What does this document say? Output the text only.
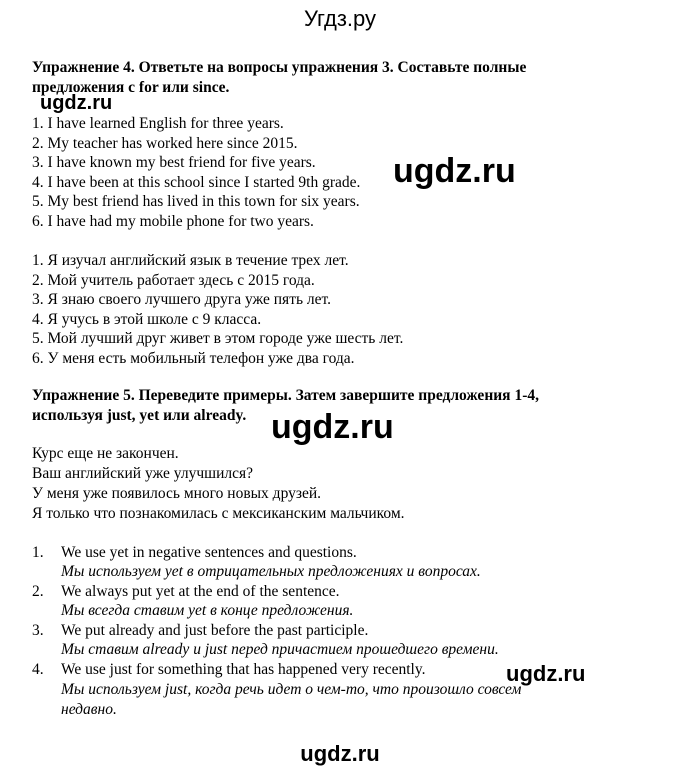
Угдз.ру
Упражнение 4. Ответьте на вопросы упражнения 3. Составьте полные
предложения с for или since.
ugdz.ru
1. I have learned English for three years.
2. My teacher has worked here since 2015.
3. I have known my best friend for five years.
4. I have been at this school since I started 9th grade.
5. My best friend has lived in this town for six years.
6. I have had my mobile phone for two years.
ugdz.ru
1. Я изучал английский язык в течение трех лет.
2. Мой учитель работает здесь с 2015 года.
3. Я знаю своего лучшего друга уже пять лет.
4. Я учусь в этой школе с 9 класса.
5. Мой лучший друг живет в этом городе уже шесть лет.
6. У меня есть мобильный телефон уже два года.
Упражнение 5. Переведите примеры. Затем завершите предложения 1-4,
используя just, yet или already. ugdz.ru
Курс еще не закончен.
Ваш английский уже улучшился?
У меня уже появилось много новых друзей.
Я только что познакомилась с мексиканским мальчиком.
1. We use yet in negative sentences and questions.
Мы используем yet в отрицательных предложениях и вопросах.
2. We always put yet at the end of the sentence.
Мы всегда ставим yet в конце предложения.
3. We put already and just before the past participle.
Мы ставим already и just перед причастием прошедшего времени.
4. We use just for something that has happened very recently.
Мы используем just, когда речь идет о чем-то, что произошло совсем
недавно.
ugdz.ru
ugdz.ru
